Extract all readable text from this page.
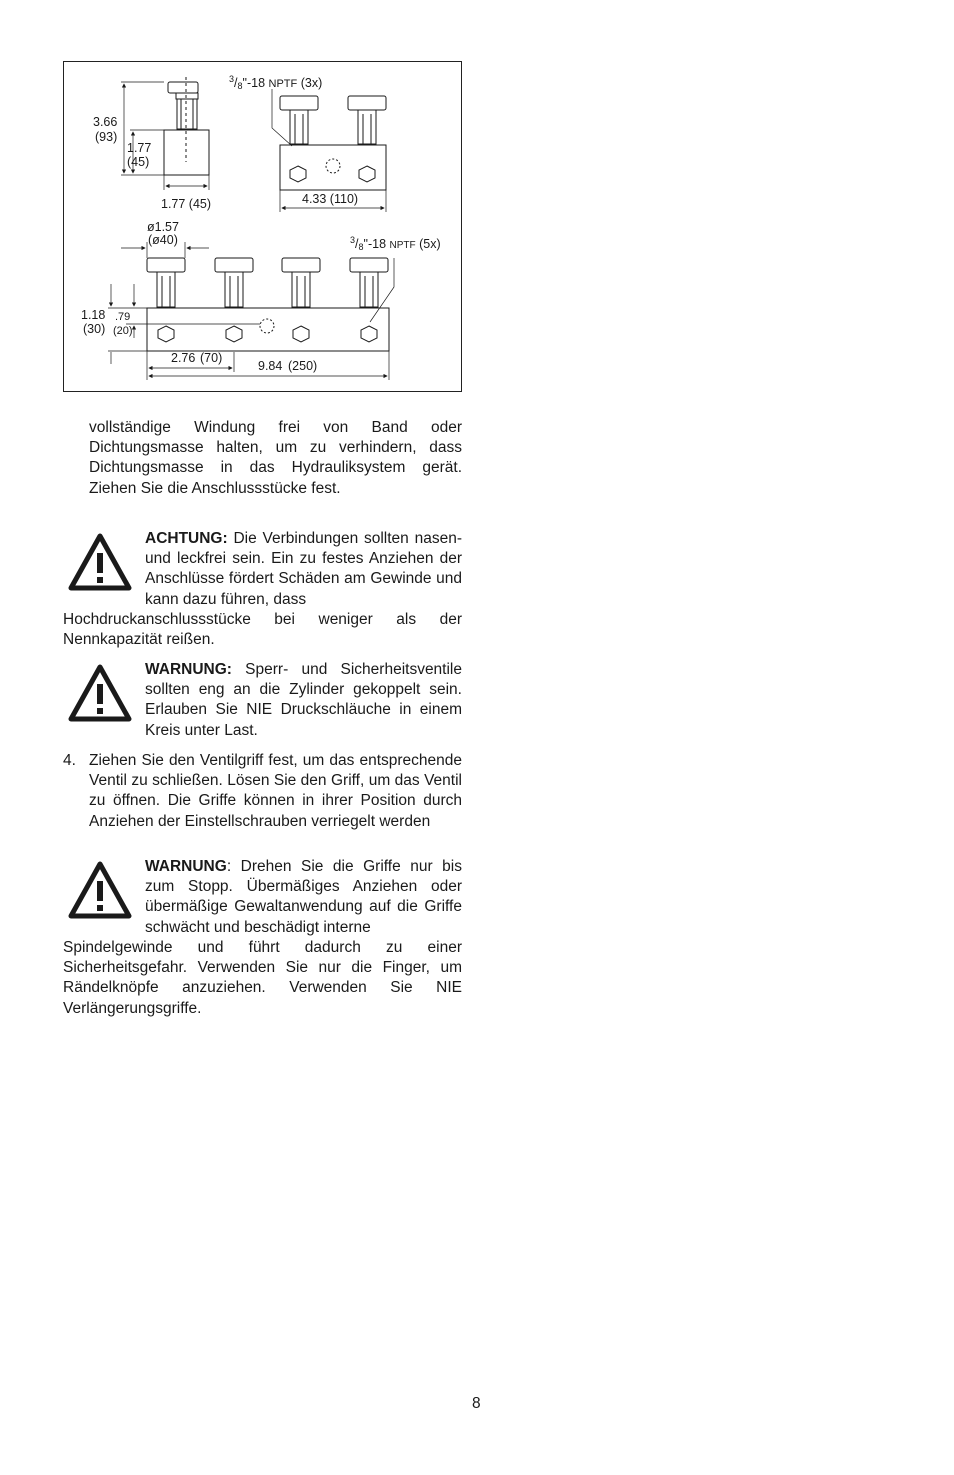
3.66
(93)
1.77
(45)
1.77 (45)
$^3$/8"-18 NPTF (3x)
4.33 (110)
ø1.57
(ø40)	$^3$/8"-18 NPTF (5x)
1.18
(30)
.79
(20)
2.76 (70)
9.84 (250)
vollständige Windung frei von Band oder Dichtungsmasse halten, um zu verhindern, dass Dichtungsmasse in das Hydrauliksystem gerät. Ziehen Sie die Anschlussstücke fest.
ACHTUNG: Die Verbindungen sollten nasen- und leckfrei sein. Ein zu festes Anziehen der Anschlüsse fördert Schäden am Gewinde und kann dazu führen, dass
Hochdruckanschlussstücke bei weniger als der Nennkapazität reißen.
WARNUNG: Sperr- und Sicherheitsventile sollten eng an die Zylinder gekoppelt sein. Erlauben Sie NIE Druckschläuche in einem Kreis unter Last.
4. Ziehen Sie den Ventilgriff fest, um das entsprechende Ventil zu schließen. Lösen Sie den Griff, um das Ventil zu öffnen. Die Griffe können in ihrer Position durch Anziehen der Einstellschrauben verriegelt werden
WARNUNG: Drehen Sie die Griffe nur bis zum Stopp. Übermäßiges Anziehen oder übermäßige Gewaltanwendung auf die Griffe schwächt und beschädigt interne
Spindelgewinde und führt dadurch zu einer Sicherheitsgefahr. Verwenden Sie nur die Finger, um Rändelknöpfe anzuziehen. Verwenden Sie NIE Verlängerungsgriffe.
8
